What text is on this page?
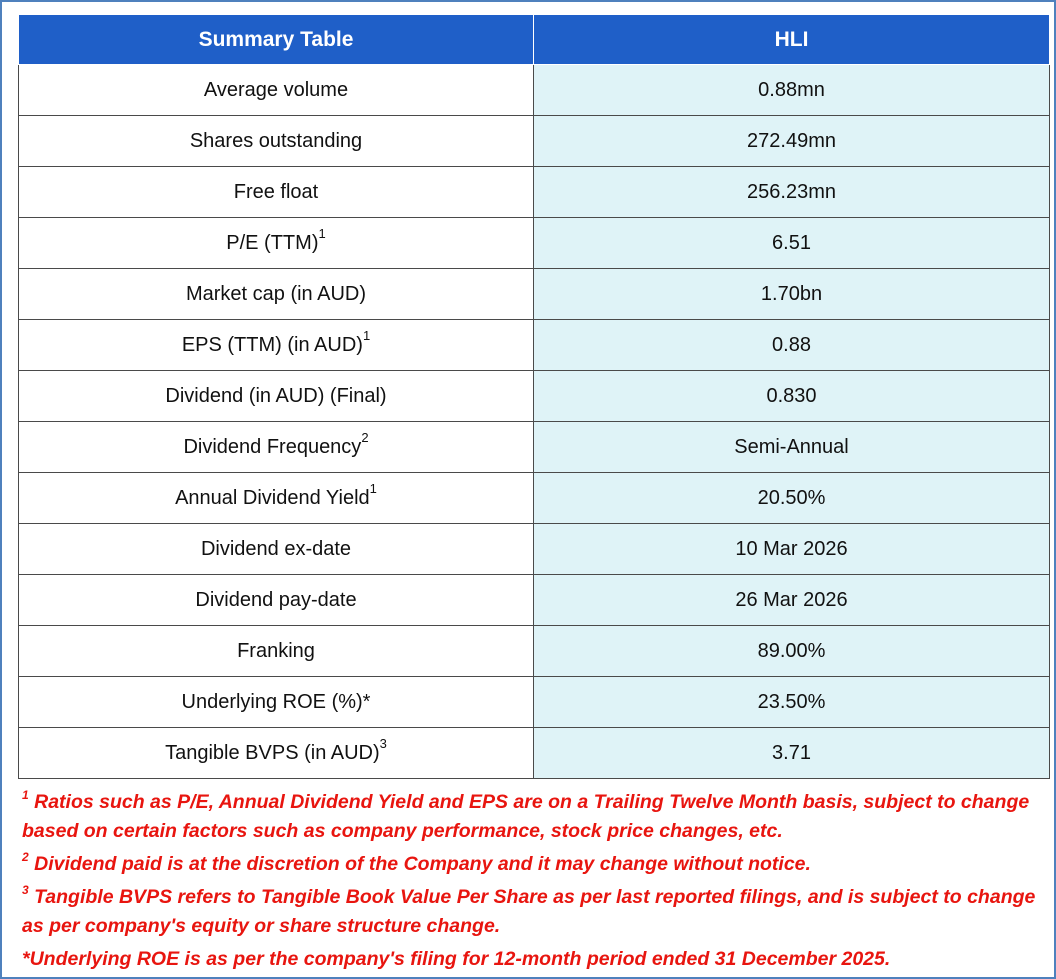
Summary Table	HLI
Average volume	0.88mn
Shares outstanding	272.49mn
Free float	256.23mn
P/E (TTM)$^1$	6.51
Market cap (in AUD)	1.70bn
EPS (TTM) (in AUD)$^1$	0.88
Dividend (in AUD) (Final)	0.830
Dividend Frequency$^2$	Semi-Annual
Annual Dividend Yield$^1$	20.50%
Dividend ex-date	10 Mar 2026
Dividend pay-date	26 Mar 2026
Franking	89.00%
Underlying ROE (%)*	23.50%
Tangible BVPS (in AUD)$^3$	3.71
$^1$ Ratios such as P/E, Annual Dividend Yield and EPS are on a Trailing Twelve Month basis, subject to change based on certain factors such as company performance, stock price changes, etc.
$^2$ Dividend paid is at the discretion of the Company and it may change without notice.
$^3$ Tangible BVPS refers to Tangible Book Value Per Share as per last reported filings, and is subject to change as per company's equity or share structure change.
*Underlying ROE is as per the company's filing for 12-month period ended 31 December 2025.
